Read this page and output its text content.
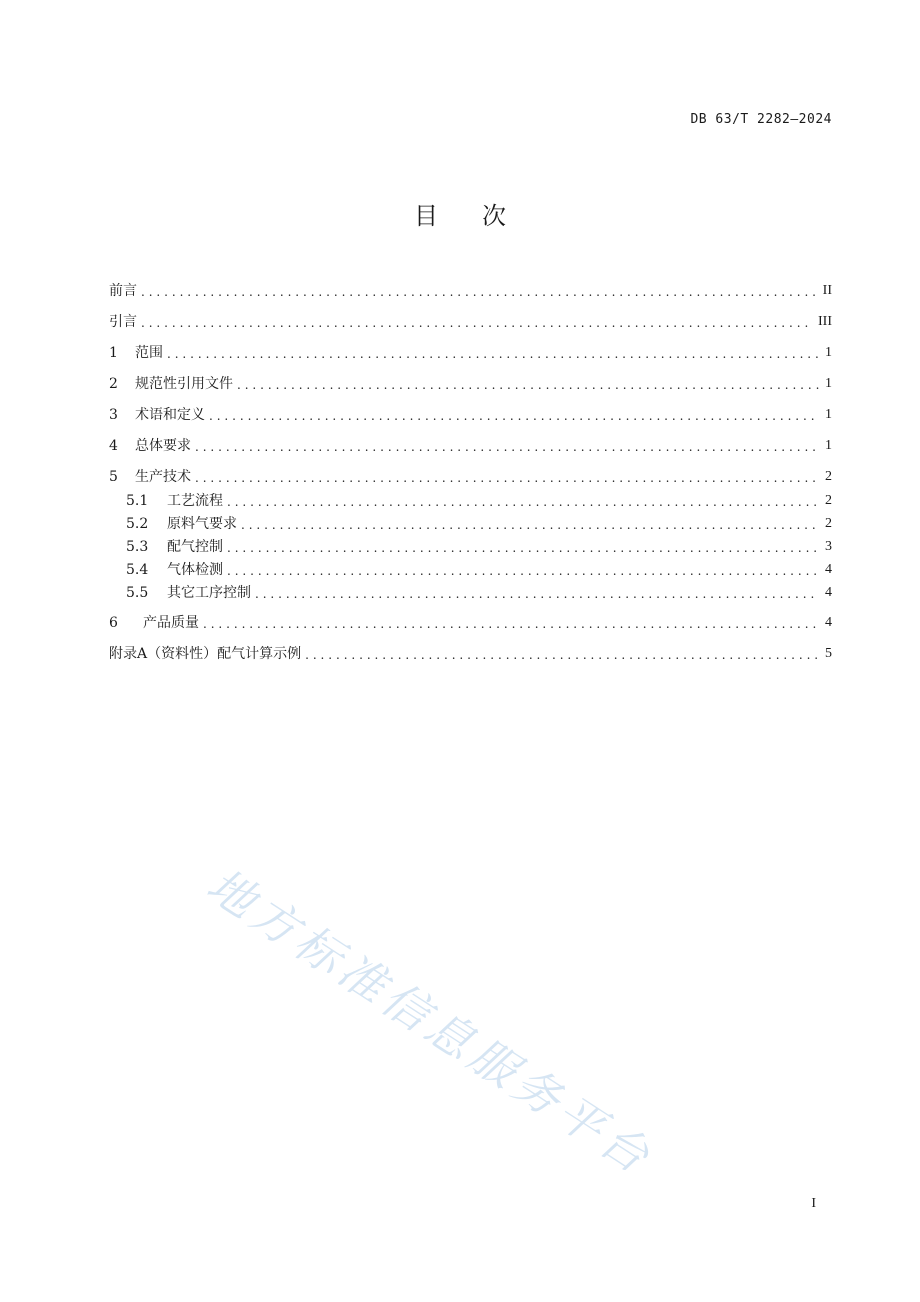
DB 63/T 2282—2024
目 次
前言 .....	II
引言 .....	III
1	范围 .....	1
2	规范性引用文件 .....	1
3	术语和定义 .....	1
4	总体要求 .....	1
5	生产技术 .....	2
5.1	工艺流程 .....	2
5.2	原料气要求 .....	2
5.3	配气控制 .....	3
5.4	气体检测 .....	4
5.5	其它工序控制 .....	4
6	产品质量 .....	4
附录A（资料性）配气计算示例 .....	5
地方标准信息服务平台
I
